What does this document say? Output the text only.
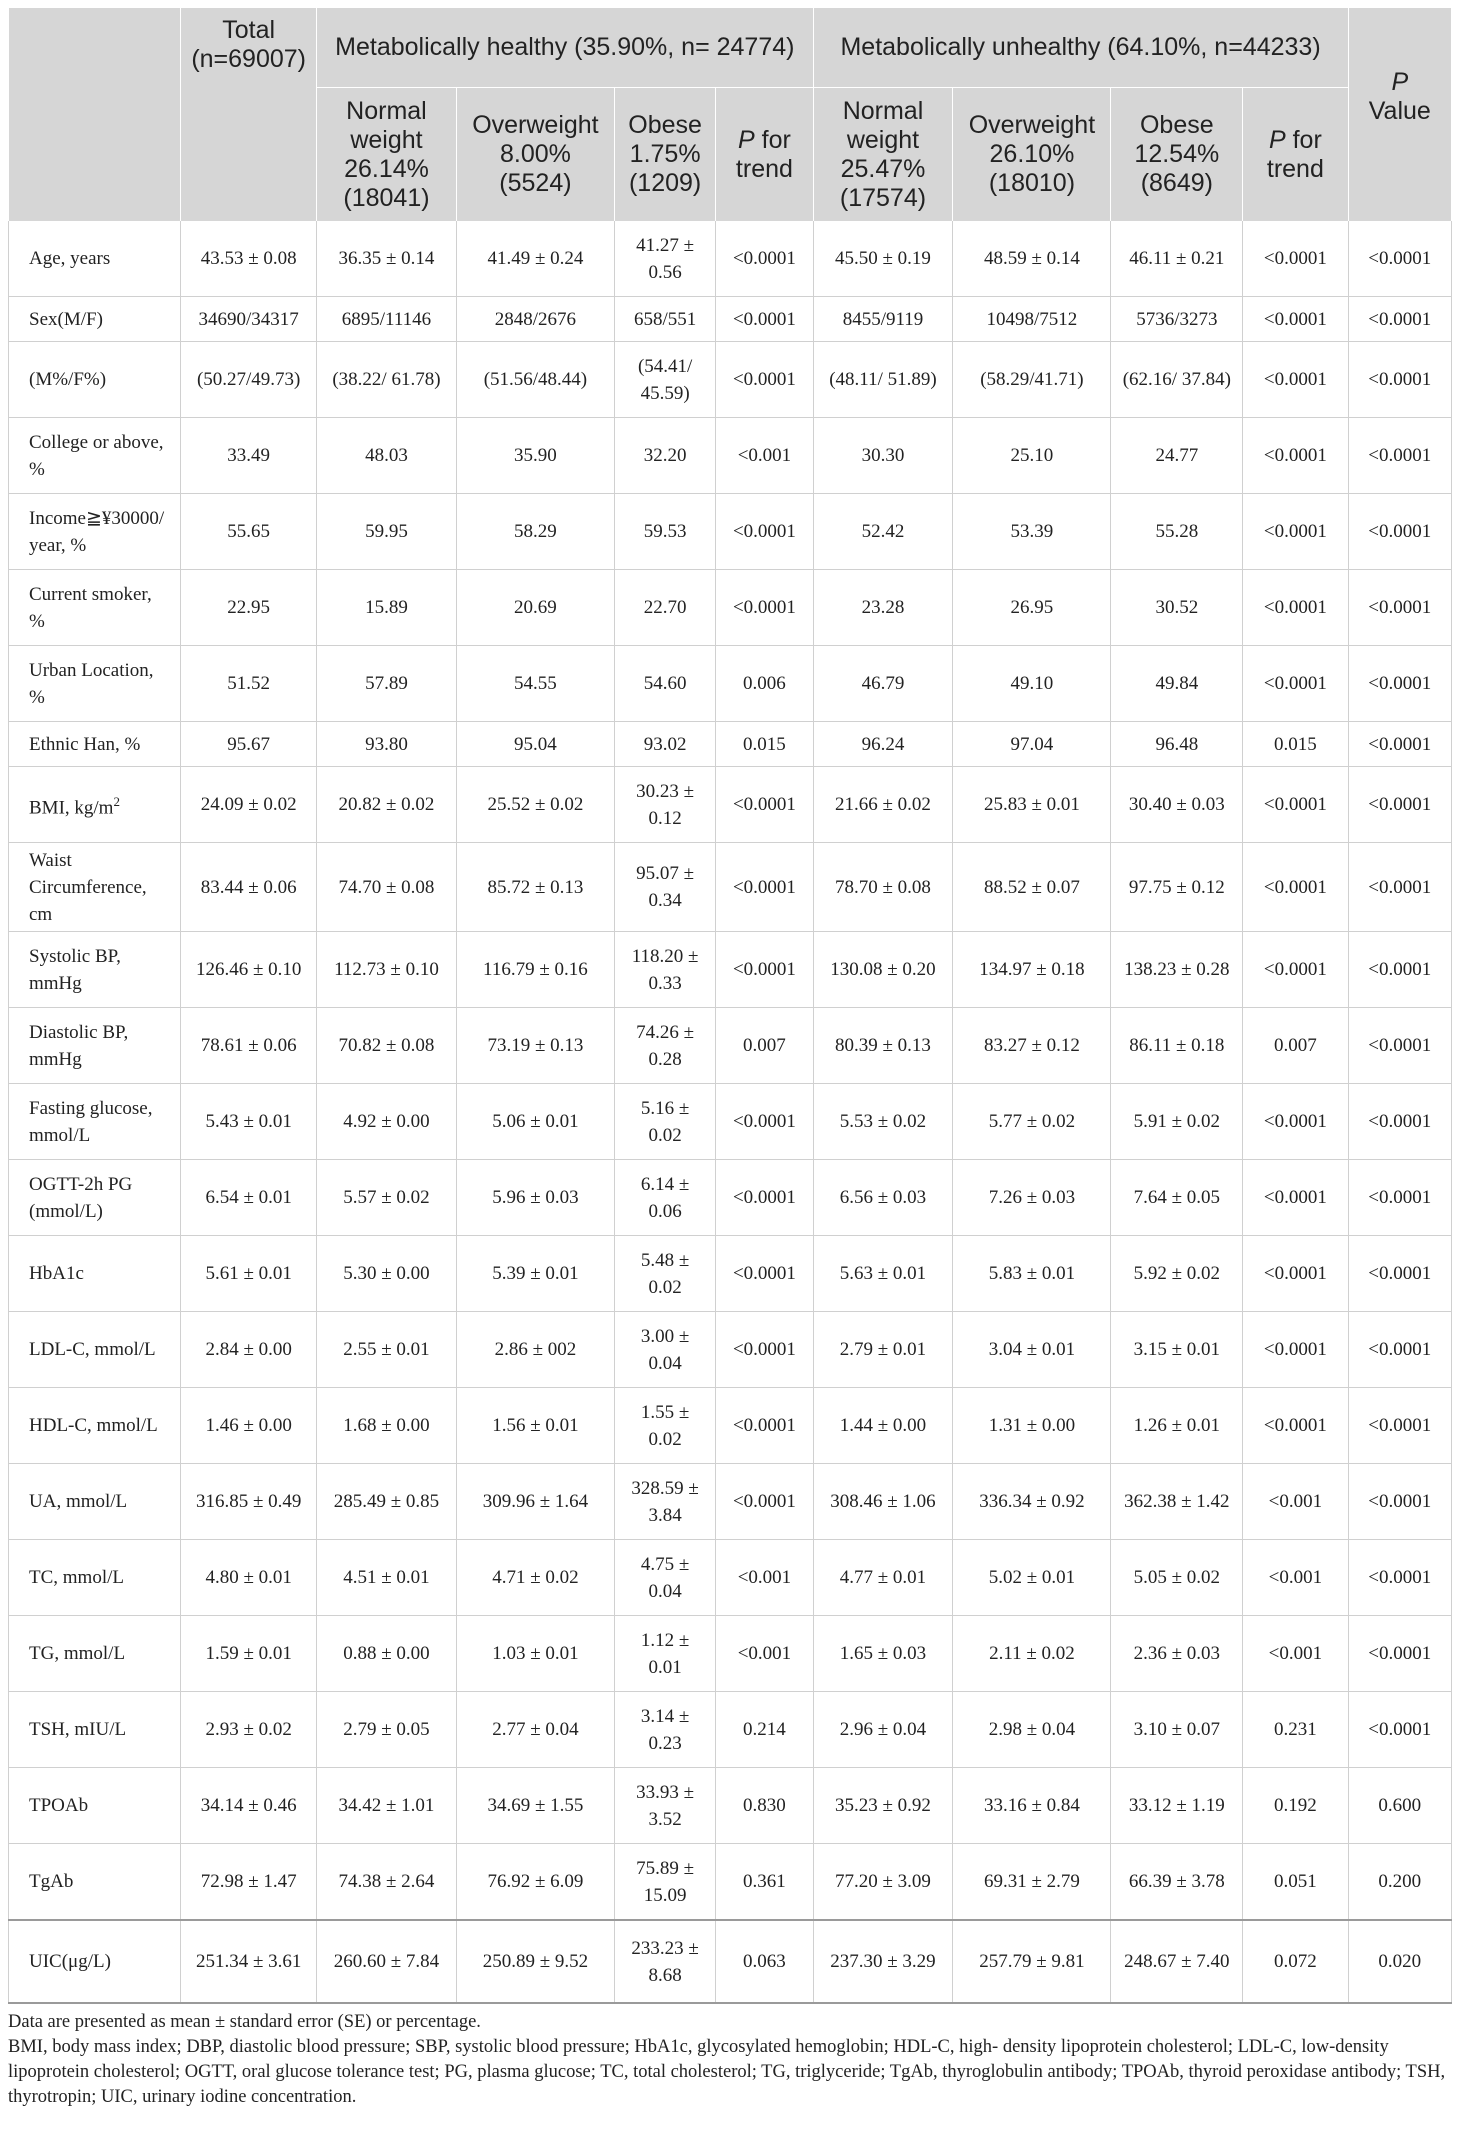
	Total (n=69007)	Metabolically healthy (35.90%, n= 24774)				Metabolically unhealthy (64.10%, n=44233)				P
Value
		Normal weight 26.14% (18041)	Overweight 8.00% (5524)	Obese 1.75% (1209)	P for trend	Normal weight 25.47% (17574)	Overweight 26.10% (18010)	Obese 12.54% (8649)	P for trend	
Age, years	43.53 ± 0.08	36.35 ± 0.14	41.49 ± 0.24	41.27 ± 0.56	<0.0001	45.50 ± 0.19	48.59 ± 0.14	46.11 ± 0.21	<0.0001	<0.0001
Sex(M/F)	34690/34317	6895/11146	2848/2676	658/551	<0.0001	8455/9119	10498/7512	5736/3273	<0.0001	<0.0001
(M%/F%)	(50.27/49.73)	(38.22/ 61.78)	(51.56/48.44)	(54.41/ 45.59)	<0.0001	(48.11/ 51.89)	(58.29/41.71)	(62.16/ 37.84)	<0.0001	<0.0001
College or above, %	33.49	48.03	35.90	32.20	<0.001	30.30	25.10	24.77	<0.0001	<0.0001
Income≧¥30000/ year, %	55.65	59.95	58.29	59.53	<0.0001	52.42	53.39	55.28	<0.0001	<0.0001
Current smoker, %	22.95	15.89	20.69	22.70	<0.0001	23.28	26.95	30.52	<0.0001	<0.0001
Urban Location, %	51.52	57.89	54.55	54.60	0.006	46.79	49.10	49.84	<0.0001	<0.0001
Ethnic Han, %	95.67	93.80	95.04	93.02	0.015	96.24	97.04	96.48	0.015	<0.0001
BMI, $kg/m^2$	24.09 ± 0.02	20.82 ± 0.02	25.52 ± 0.02	30.23 ± 0.12	<0.0001	21.66 ± 0.02	25.83 ± 0.01	30.40 ± 0.03	<0.0001	<0.0001
Waist Circumference, cm	83.44 ± 0.06	74.70 ± 0.08	85.72 ± 0.13	95.07 ± 0.34	<0.0001	78.70 ± 0.08	88.52 ± 0.07	97.75 ± 0.12	<0.0001	<0.0001
Systolic BP, mmHg	126.46 ± 0.10	112.73 ± 0.10	116.79 ± 0.16	118.20 ± 0.33	<0.0001	130.08 ± 0.20	134.97 ± 0.18	138.23 ± 0.28	<0.0001	<0.0001
Diastolic BP, mmHg	78.61 ± 0.06	70.82 ± 0.08	73.19 ± 0.13	74.26 ± 0.28	0.007	80.39 ± 0.13	83.27 ± 0.12	86.11 ± 0.18	0.007	<0.0001
Fasting glucose, mmol/L	5.43 ± 0.01	4.92 ± 0.00	5.06 ± 0.01	5.16 ± 0.02	<0.0001	5.53 ± 0.02	5.77 ± 0.02	5.91 ± 0.02	<0.0001	<0.0001
OGTT-2h PG (mmol/L)	6.54 ± 0.01	5.57 ± 0.02	5.96 ± 0.03	6.14 ± 0.06	<0.0001	6.56 ± 0.03	7.26 ± 0.03	7.64 ± 0.05	<0.0001	<0.0001
HbA1c	5.61 ± 0.01	5.30 ± 0.00	5.39 ± 0.01	5.48 ± 0.02	<0.0001	5.63 ± 0.01	5.83 ± 0.01	5.92 ± 0.02	<0.0001	<0.0001
LDL-C, mmol/L	2.84 ± 0.00	2.55 ± 0.01	2.86 ± 002	3.00 ± 0.04	<0.0001	2.79 ± 0.01	3.04 ± 0.01	3.15 ± 0.01	<0.0001	<0.0001
HDL-C, mmol/L	1.46 ± 0.00	1.68 ± 0.00	1.56 ± 0.01	1.55 ± 0.02	<0.0001	1.44 ± 0.00	1.31 ± 0.00	1.26 ± 0.01	<0.0001	<0.0001
UA, mmol/L	316.85 ± 0.49	285.49 ± 0.85	309.96 ± 1.64	328.59 ± 3.84	<0.0001	308.46 ± 1.06	336.34 ± 0.92	362.38 ± 1.42	<0.001	<0.0001
TC, mmol/L	4.80 ± 0.01	4.51 ± 0.01	4.71 ± 0.02	4.75 ± 0.04	<0.001	4.77 ± 0.01	5.02 ± 0.01	5.05 ± 0.02	<0.001	<0.0001
TG, mmol/L	1.59 ± 0.01	0.88 ± 0.00	1.03 ± 0.01	1.12 ± 0.01	<0.001	1.65 ± 0.03	2.11 ± 0.02	2.36 ± 0.03	<0.001	<0.0001
TSH, mIU/L	2.93 ± 0.02	2.79 ± 0.05	2.77 ± 0.04	3.14 ± 0.23	0.214	2.96 ± 0.04	2.98 ± 0.04	3.10 ± 0.07	0.231	<0.0001
TPOAb	34.14 ± 0.46	34.42 ± 1.01	34.69 ± 1.55	33.93 ± 3.52	0.830	35.23 ± 0.92	33.16 ± 0.84	33.12 ± 1.19	0.192	0.600
TgAb	72.98 ± 1.47	74.38 ± 2.64	76.92 ± 6.09	75.89 ± 15.09	0.361	77.20 ± 3.09	69.31 ± 2.79	66.39 ± 3.78	0.051	0.200
UIC(μg/L)	251.34 ± 3.61	260.60 ± 7.84	250.89 ± 9.52	233.23 ± 8.68	0.063	237.30 ± 3.29	257.79 ± 9.81	248.67 ± 7.40	0.072	0.020

Data are presented as mean ± standard error (SE) or percentage.

BMI, body mass index; DBP, diastolic blood pressure; SBP, systolic blood pressure; HbA1c, glycosylated hemoglobin; HDL-C, high- density lipoprotein cholesterol; LDL-C, low-density lipoprotein cholesterol; OGTT, oral glucose tolerance test; PG, plasma glucose; TC, total cholesterol; TG, triglyceride; TgAb, thyroglobulin antibody; TPOAb, thyroid peroxidase antibody; TSH, thyrotropin; UIC, urinary iodine concentration.
